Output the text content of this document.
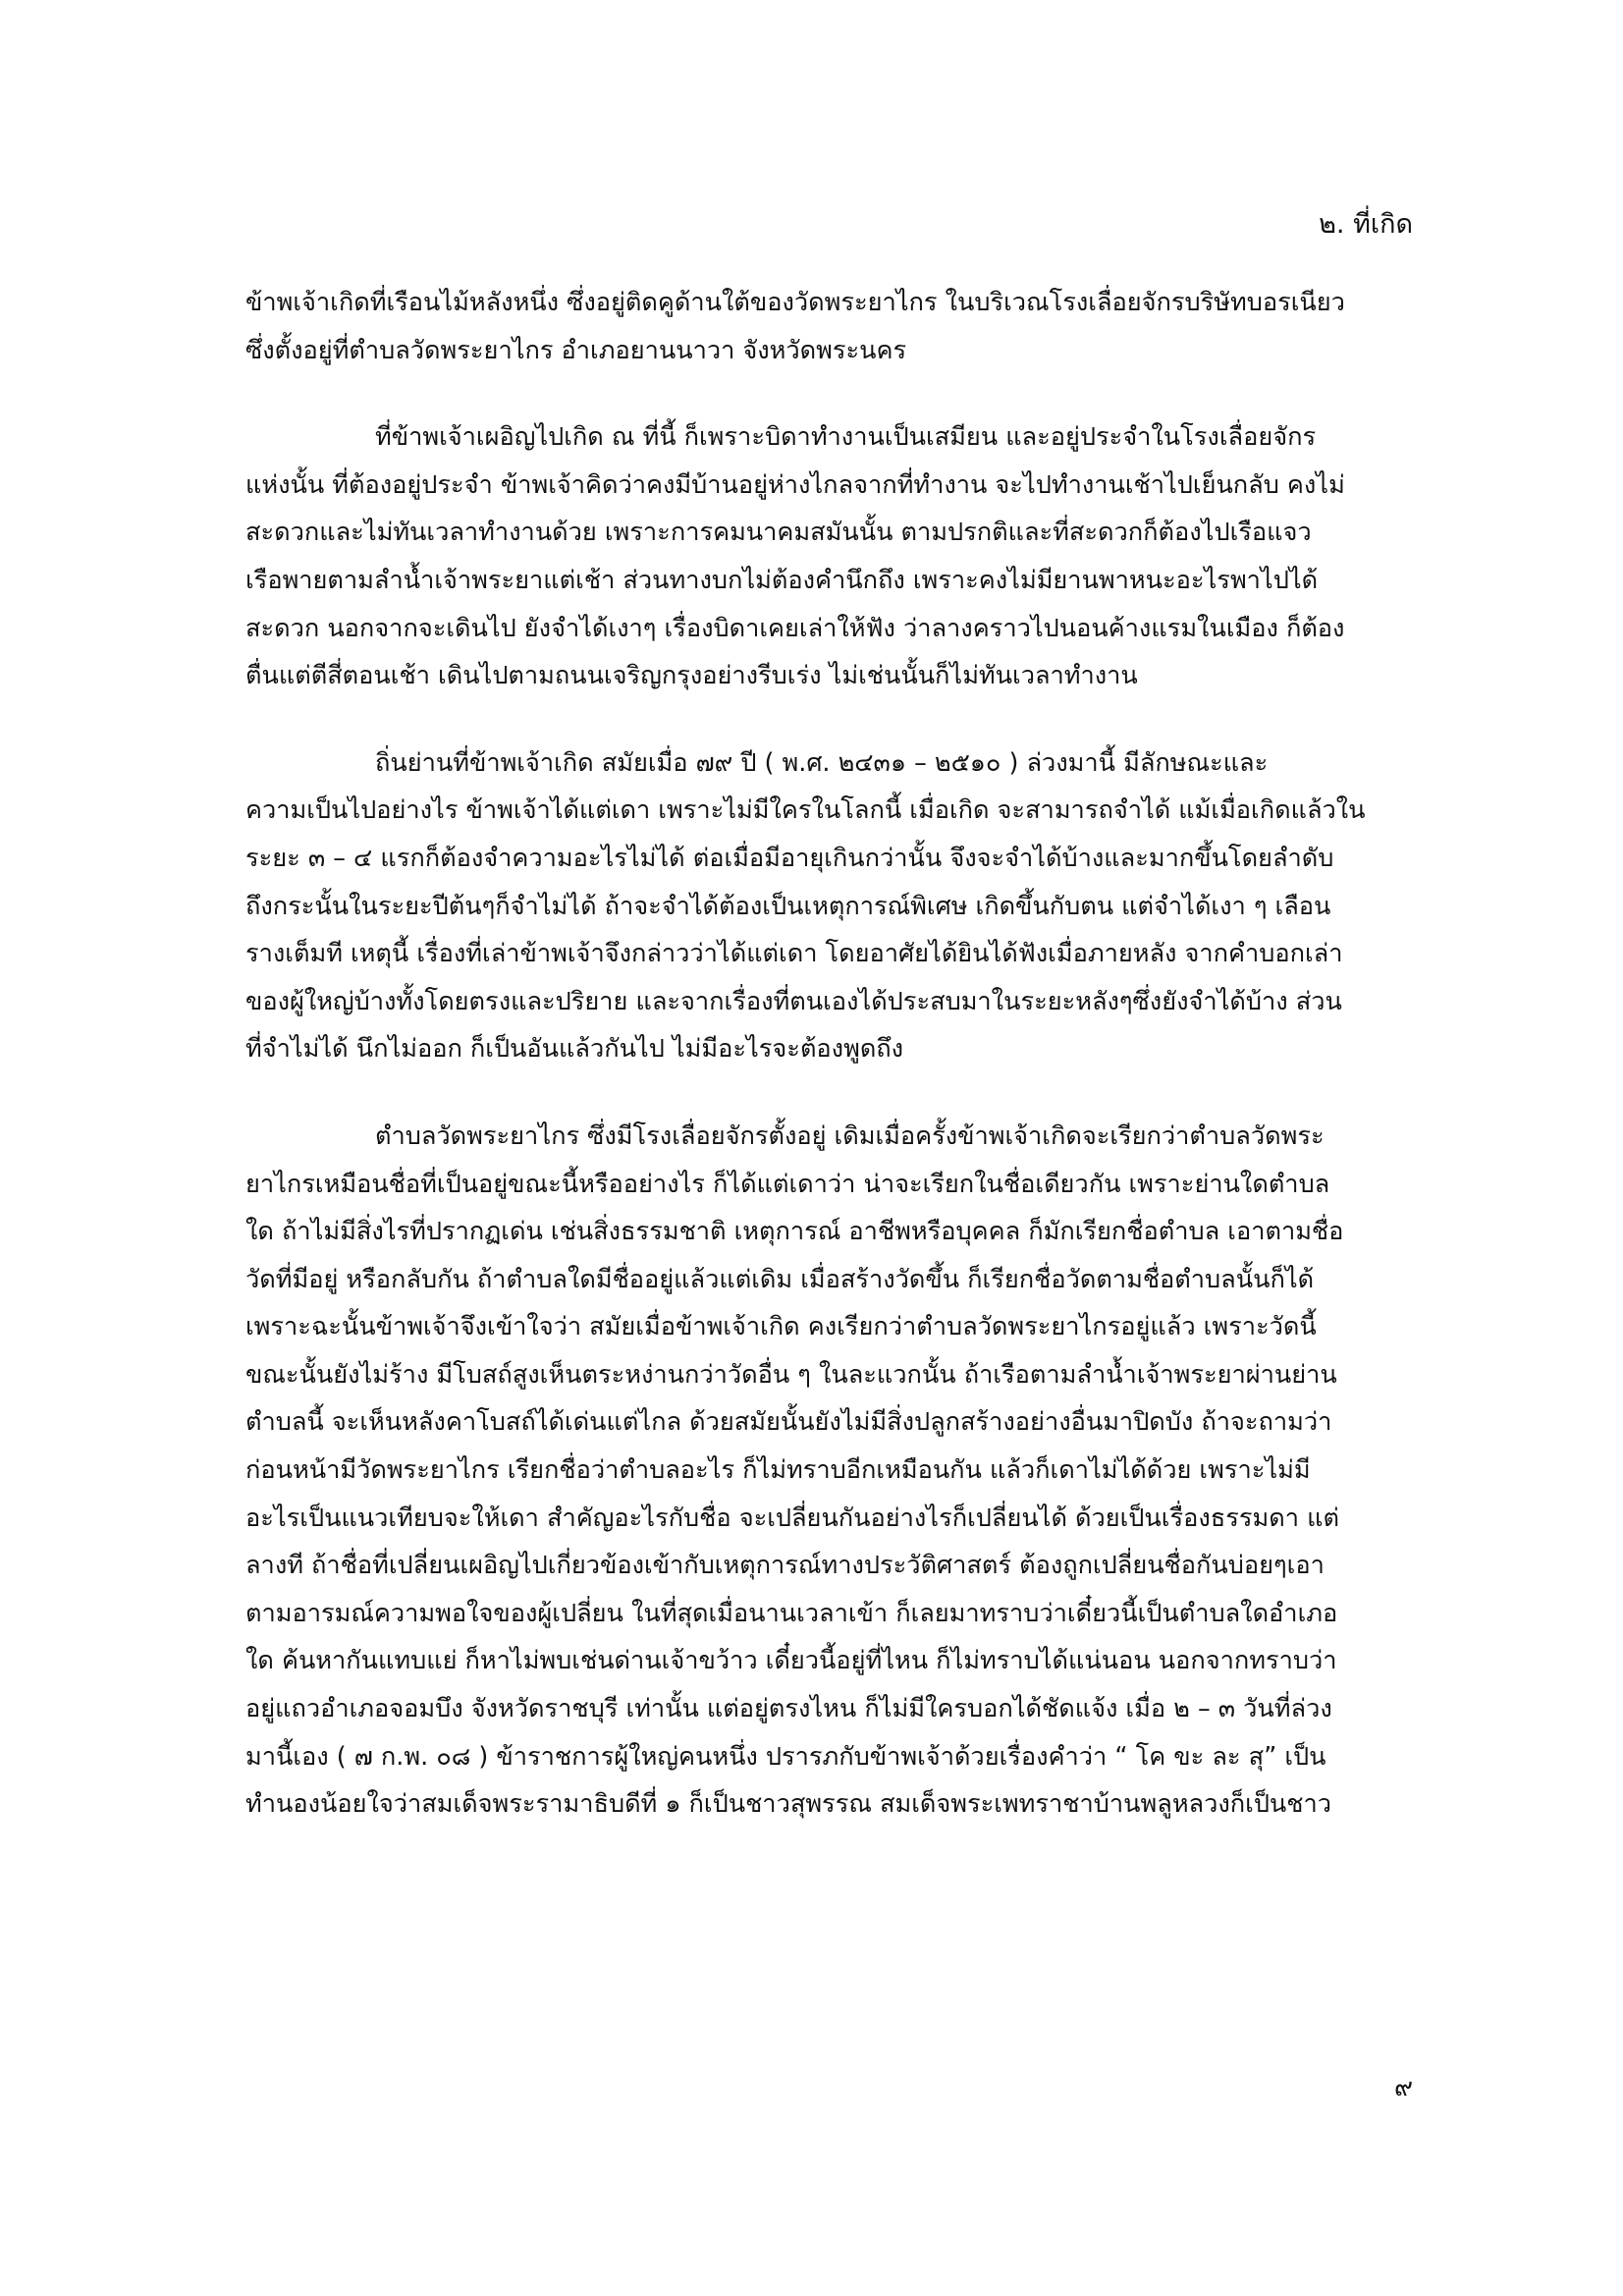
๒. ที่เกิด
ข้าพเจ้าเกิดที่เรือนไม้หลังหนึ่ง ซึ่งอยู่ติดคูด้านใต้ของวัดพระยาไกร ในบริเวณโรงเลื่อยจักรบริษัทบอรเนียว
ซึ่งตั้งอยู่ที่ตำบลวัดพระยาไกร อำเภอยานนาวา จังหวัดพระนคร
ที่ข้าพเจ้าเผอิญไปเกิด ณ ที่นี้ ก็เพราะบิดาทำงานเป็นเสมียน และอยู่ประจำในโรงเลื่อยจักร
แห่งนั้น ที่ต้องอยู่ประจำ ข้าพเจ้าคิดว่าคงมีบ้านอยู่ห่างไกลจากที่ทำงาน จะไปทำงานเช้าไปเย็นกลับ คงไม่
สะดวกและไม่ทันเวลาทำงานด้วย เพราะการคมนาคมสมันนั้น ตามปรกติและที่สะดวกก็ต้องไปเรือแจว
เรือพายตามลำน้ำเจ้าพระยาแต่เช้า ส่วนทางบกไม่ต้องคำนึกถึง เพราะคงไม่มียานพาหนะอะไรพาไปได้
สะดวก นอกจากจะเดินไป ยังจำได้เงาๆ เรื่องบิดาเคยเล่าให้ฟัง ว่าลางคราวไปนอนค้างแรมในเมือง ก็ต้อง
ตื่นแต่ตีสี่ตอนเช้า เดินไปตามถนนเจริญกรุงอย่างรีบเร่ง ไม่เช่นนั้นก็ไม่ทันเวลาทำงาน
ถิ่นย่านที่ข้าพเจ้าเกิด สมัยเมื่อ ๗๙ ปี ( พ.ศ. ๒๔๓๑ – ๒๕๑๐ ) ล่วงมานี้ มีลักษณะและ
ความเป็นไปอย่างไร ข้าพเจ้าได้แต่เดา เพราะไม่มีใครในโลกนี้ เมื่อเกิด จะสามารถจำได้ แม้เมื่อเกิดแล้วใน
ระยะ ๓ – ๔ แรกก็ต้องจำความอะไรไม่ได้ ต่อเมื่อมีอายุเกินกว่านั้น จึงจะจำได้บ้างและมากขึ้นโดยลำดับ
ถึงกระนั้นในระยะปีต้นๆก็จำไม่ได้ ถ้าจะจำได้ต้องเป็นเหตุการณ์พิเศษ เกิดขึ้นกับตน แต่จำได้เงา ๆ เลือน
รางเต็มที เหตุนี้ เรื่องที่เล่าข้าพเจ้าจึงกล่าวว่าได้แต่เดา โดยอาศัยได้ยินได้ฟังเมื่อภายหลัง จากคำบอกเล่า
ของผู้ใหญ่บ้างทั้งโดยตรงและปริยาย และจากเรื่องที่ตนเองได้ประสบมาในระยะหลังๆซึ่งยังจำได้บ้าง ส่วน
ที่จำไม่ได้ นึกไม่ออก ก็เป็นอันแล้วกันไป ไม่มีอะไรจะต้องพูดถึง
ตำบลวัดพระยาไกร ซึ่งมีโรงเลื่อยจักรตั้งอยู่ เดิมเมื่อครั้งข้าพเจ้าเกิดจะเรียกว่าตำบลวัดพระ
ยาไกรเหมือนชื่อที่เป็นอยู่ขณะนี้หรืออย่างไร ก็ได้แต่เดาว่า น่าจะเรียกในชื่อเดียวกัน เพราะย่านใดตำบล
ใด ถ้าไม่มีสิ่งไรที่ปรากฏเด่น เช่นสิ่งธรรมชาติ เหตุการณ์ อาชีพหรือบุคคล ก็มักเรียกชื่อตำบล เอาตามชื่อ
วัดที่มีอยู่ หรือกลับกัน ถ้าตำบลใดมีชื่ออยู่แล้วแต่เดิม เมื่อสร้างวัดขึ้น ก็เรียกชื่อวัดตามชื่อตำบลนั้นก็ได้
เพราะฉะนั้นข้าพเจ้าจึงเข้าใจว่า สมัยเมื่อข้าพเจ้าเกิด คงเรียกว่าตำบลวัดพระยาไกรอยู่แล้ว เพราะวัดนี้
ขณะนั้นยังไม่ร้าง มีโบสถ์สูงเห็นตระหง่านกว่าวัดอื่น ๆ ในละแวกนั้น ถ้าเรือตามลำน้ำเจ้าพระยาผ่านย่าน
ตำบลนี้ จะเห็นหลังคาโบสถ์ได้เด่นแต่ไกล ด้วยสมัยนั้นยังไม่มีสิ่งปลูกสร้างอย่างอื่นมาปิดบัง ถ้าจะถามว่า
ก่อนหน้ามีวัดพระยาไกร เรียกชื่อว่าตำบลอะไร ก็ไม่ทราบอีกเหมือนกัน แล้วก็เดาไม่ได้ด้วย เพราะไม่มี
อะไรเป็นแนวเทียบจะให้เดา สำคัญอะไรกับชื่อ จะเปลี่ยนกันอย่างไรก็เปลี่ยนได้ ด้วยเป็นเรื่องธรรมดา แต่
ลางที ถ้าชื่อที่เปลี่ยนเผอิญไปเกี่ยวข้องเข้ากับเหตุการณ์ทางประวัติศาสตร์ ต้องถูกเปลี่ยนชื่อกันบ่อยๆเอา
ตามอารมณ์ความพอใจของผู้เปลี่ยน ในที่สุดเมื่อนานเวลาเข้า ก็เลยมาทราบว่าเดี๋ยวนี้เป็นตำบลใดอำเภอ
ใด ค้นหากันแทบแย่ ก็หาไม่พบเช่นด่านเจ้าขว้าว เดี๋ยวนี้อยู่ที่ไหน ก็ไม่ทราบได้แน่นอน นอกจากทราบว่า
อยู่แถวอำเภอจอมบึง จังหวัดราชบุรี เท่านั้น แต่อยู่ตรงไหน ก็ไม่มีใครบอกได้ชัดแจ้ง เมื่อ ๒ – ๓ วันที่ล่วง
มานี้เอง ( ๗ ก.พ. ๐๘ ) ข้าราชการผู้ใหญ่คนหนึ่ง ปรารภกับข้าพเจ้าด้วยเรื่องคำว่า “ โค ขะ ละ สุ” เป็น
ทำนองน้อยใจว่าสมเด็จพระรามาธิบดีที่ ๑ ก็เป็นชาวสุพรรณ สมเด็จพระเพทราชาบ้านพลูหลวงก็เป็นชาว
๙
